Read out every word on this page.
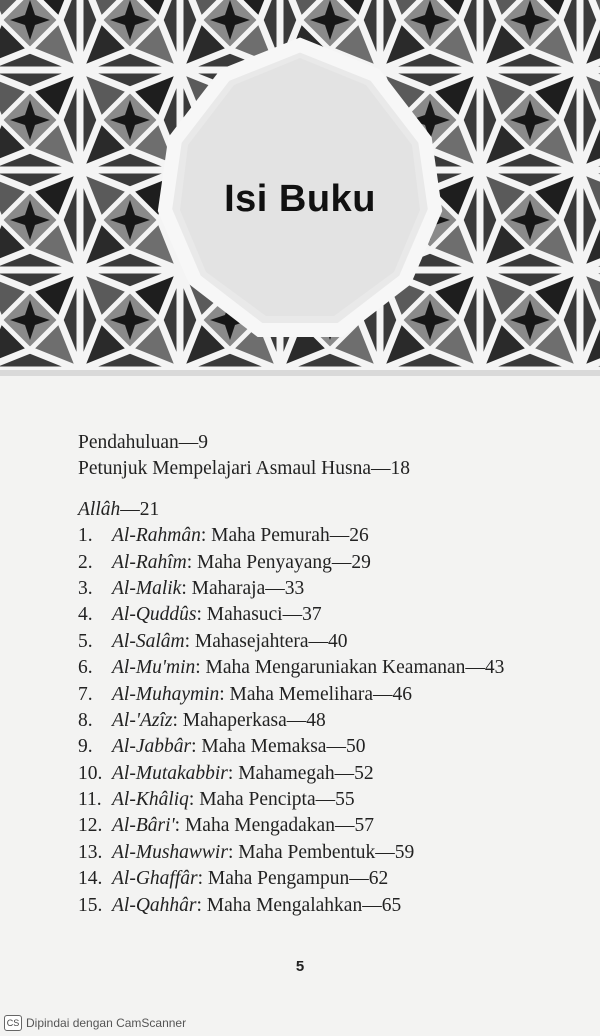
Isi Buku
Pendahuluan—9
Petunjuk Mempelajari Asmaul Husna—18
Allâh—21
1. Al-Rahmân: Maha Pemurah—26
2. Al-Rahîm: Maha Penyayang—29
3. Al-Malik: Maharaja—33
4. Al-Quddûs: Mahasuci—37
5. Al-Salâm: Mahasejahtera—40
6. Al-Mu'min: Maha Mengaruniakan Keamanan—43
7. Al-Muhaymin: Maha Memelihara—46
8. Al-'Azîz: Mahaperkasa—48
9. Al-Jabbâr: Maha Memaksa—50
10. Al-Mutakabbir: Mahamegah—52
11. Al-Khâliq: Maha Pencipta—55
12. Al-Bâri': Maha Mengadakan—57
13. Al-Mushawwir: Maha Pembentuk—59
14. Al-Ghaffâr: Maha Pengampun—62
15. Al-Qahhâr: Maha Mengalahkan—65
5
CS Dipindai dengan CamScanner
